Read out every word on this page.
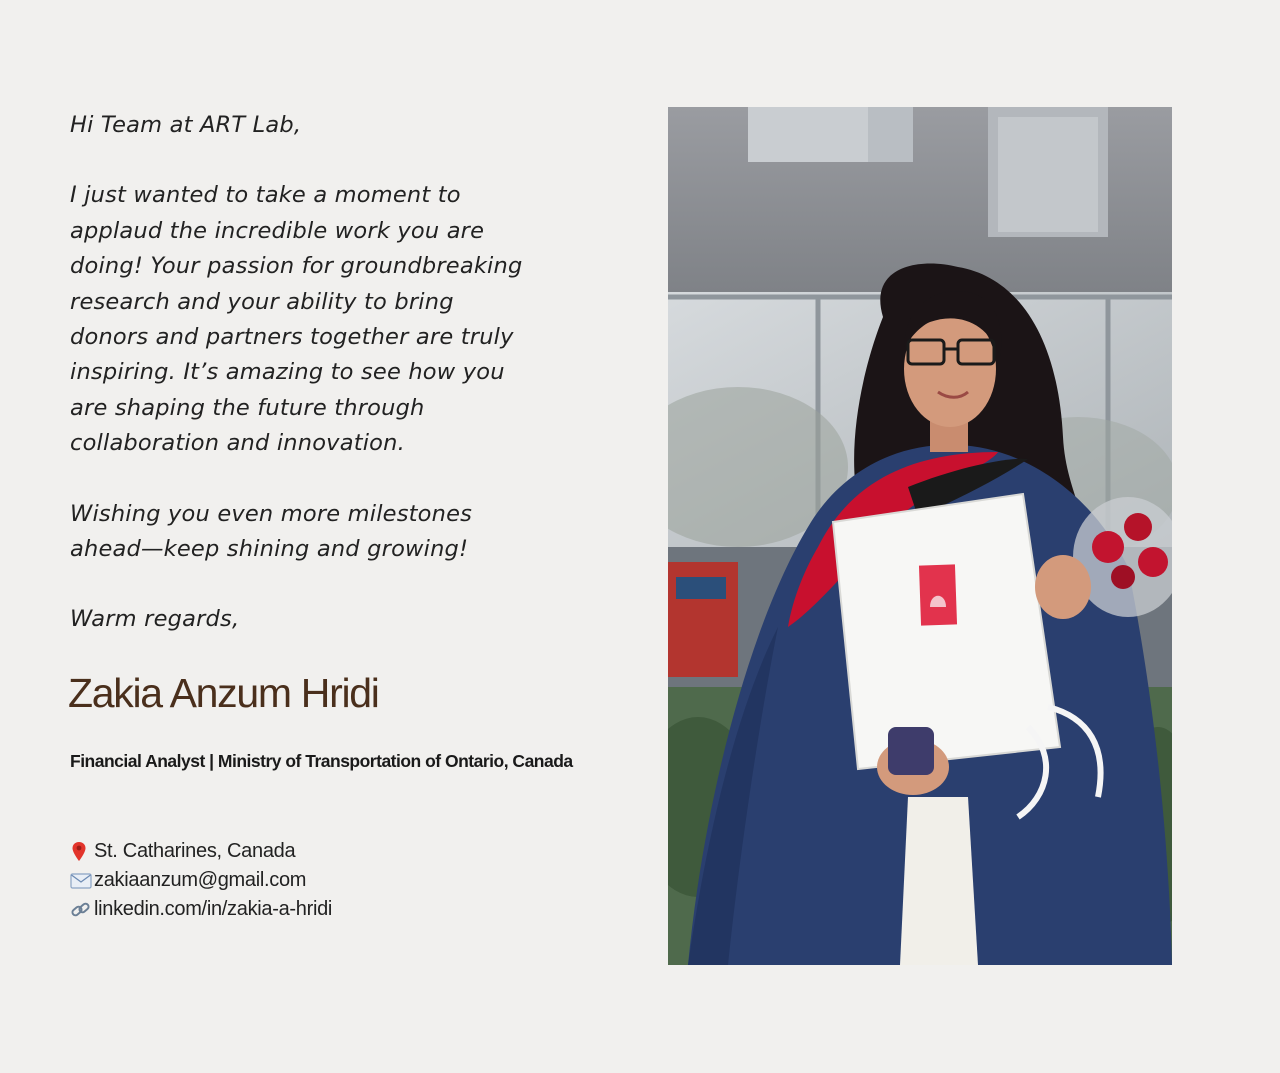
Hi Team at ART Lab,

I just wanted to take a moment to

applaud the incredible work you are

doing! Your passion for groundbreaking

research and your ability to bring

donors and partners together are truly

inspiring. It’s amazing to see how you

are shaping the future through

collaboration and innovation.

Wishing you even more milestones

ahead—keep shining and growing!

Warm regards,

Zakia Anzum Hridi
Financial Analyst | Ministry of Transportation of Ontario, Canada
St. Catharines, Canada
zakiaanzum@gmail.com
linkedin.com/in/zakia-a-hridi
